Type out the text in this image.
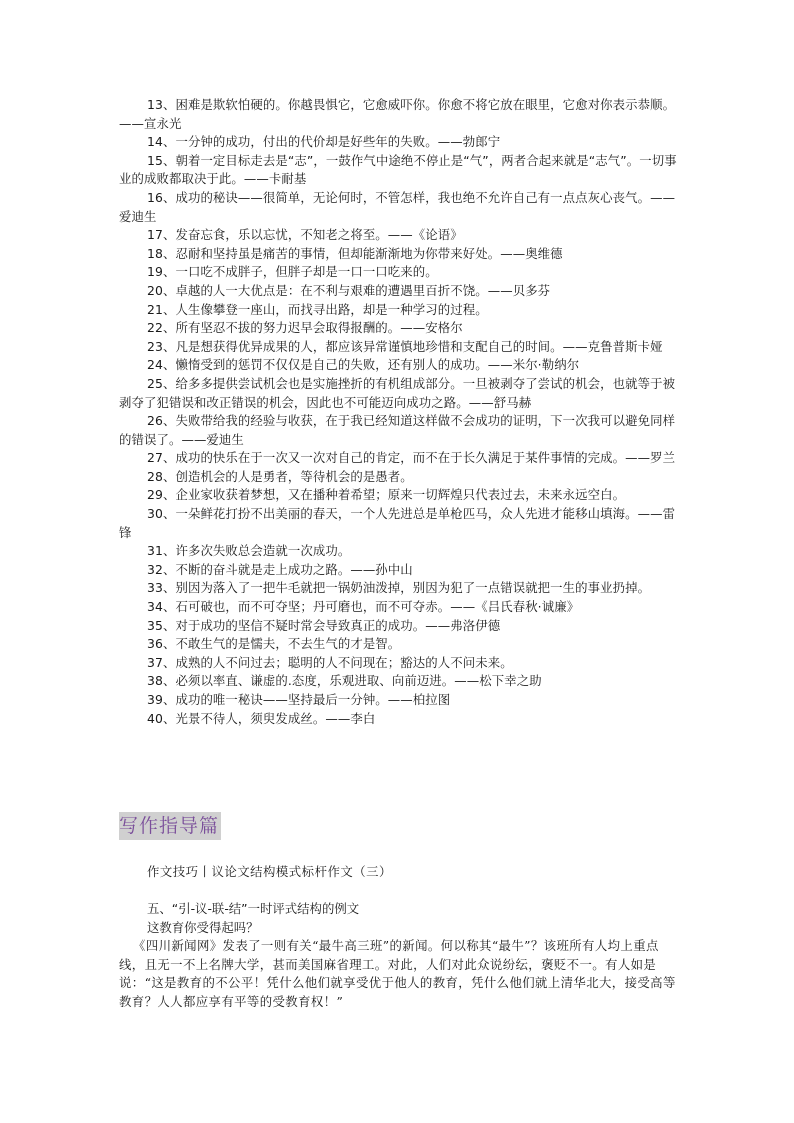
13、困难是欺软怕硬的。你越畏惧它，它愈威吓你。你愈不将它放在眼里，它愈对你表示恭顺。——宣永光

14、一分钟的成功，付出的代价却是好些年的失败。——勃郎宁

15、朝着一定目标走去是“志”，一鼓作气中途绝不停止是“气”，两者合起来就是“志气”。一切事业的成败都取决于此。——卡耐基

16、成功的秘诀——很简单，无论何时，不管怎样，我也绝不允许自己有一点点灰心丧气。——爱迪生

17、发奋忘食，乐以忘忧，不知老之将至。——《论语》

18、忍耐和坚持虽是痛苦的事情，但却能渐渐地为你带来好处。——奥维德

19、一口吃不成胖子，但胖子却是一口一口吃来的。

20、卓越的人一大优点是：在不利与艰难的遭遇里百折不饶。——贝多芬

21、人生像攀登一座山，而找寻出路，却是一种学习的过程。

22、所有坚忍不拔的努力迟早会取得报酬的。——安格尔

23、凡是想获得优异成果的人，都应该异常谨慎地珍惜和支配自己的时间。——克鲁普斯卡娅

24、懒惰受到的惩罚不仅仅是自己的失败，还有别人的成功。——米尔·勒纳尔

25、给多多提供尝试机会也是实施挫折的有机组成部分。一旦被剥夺了尝试的机会，也就等于被剥夺了犯错误和改正错误的机会，因此也不可能迈向成功之路。——舒马赫

26、失败带给我的经验与收获，在于我已经知道这样做不会成功的证明，下一次我可以避免同样的错误了。——爱迪生

27、成功的快乐在于一次又一次对自己的肯定，而不在于长久满足于某件事情的完成。——罗兰

28、创造机会的人是勇者，等待机会的是愚者。

29、企业家收获着梦想，又在播种着希望；原来一切辉煌只代表过去，未来永远空白。

30、一朵鲜花打扮不出美丽的春天，一个人先进总是单枪匹马，众人先进才能移山填海。——雷锋

31、许多次失败总会造就一次成功。

32、不断的奋斗就是走上成功之路。——孙中山

33、别因为落入了一把牛毛就把一锅奶油泼掉，别因为犯了一点错误就把一生的事业扔掉。

34、石可破也，而不可夺坚；丹可磨也，而不可夺赤。——《吕氏春秋·诚廉》

35、对于成功的坚信不疑时常会导致真正的成功。——弗洛伊德

36、不敢生气的是懦夫，不去生气的才是智。

37、成熟的人不问过去；聪明的人不问现在；豁达的人不问未来。

38、必须以率直、谦虚的.态度，乐观进取、向前迈进。——松下幸之助

39、成功的唯一秘诀——坚持最后一分钟。——柏拉图

40、光景不待人，须臾发成丝。——李白

写作指导篇
作文技巧丨议论文结构模式标杆作文（三）

五、“引-议-联-结”一时评式结构的例文

这教育你受得起吗？

《四川新闻网》发表了一则有关“最牛高三班”的新闻。何以称其“最牛”？该班所有人均上重点线，且无一不上名牌大学，甚而美国麻省理工。对此，人们对此众说纷纭，褒贬不一。有人如是说：“这是教育的不公平！凭什么他们就享受优于他人的教育，凭什么他们就上清华北大，接受高等教育？人人都应享有平等的受教育权！”
